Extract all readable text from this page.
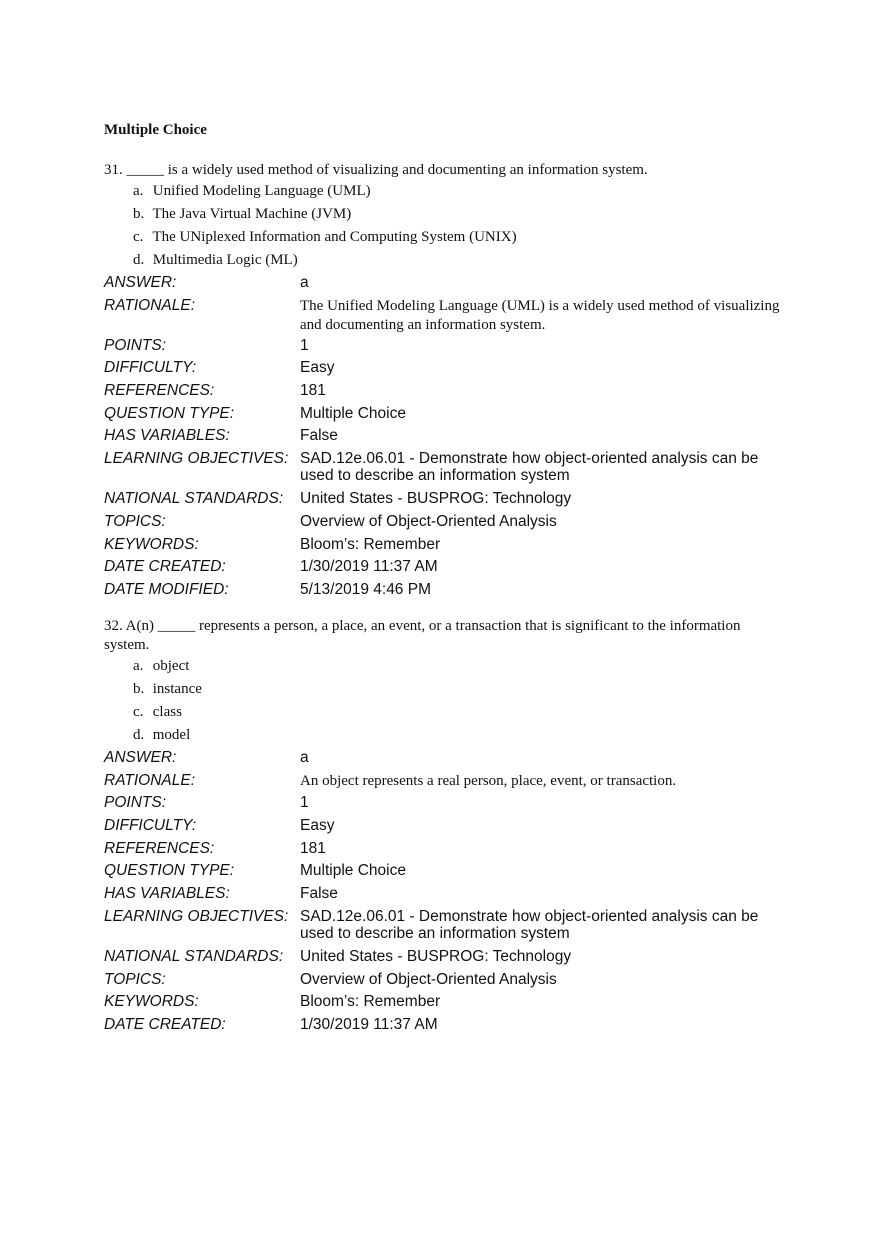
Multiple Choice

31. _____ is a widely used method of visualizing and documenting an information system.

a. Unified Modeling Language (UML)
b. The Java Virtual Machine (JVM)
c. The UNiplexed Information and Computing System (UNIX)
d. Multimedia Logic (ML)
ANSWER:	a
RATIONALE:	The Unified Modeling Language (UML) is a widely used method of visualizing and documenting an information system.
POINTS:	1
DIFFICULTY:	Easy
REFERENCES:	181
QUESTION TYPE:	Multiple Choice
HAS VARIABLES:	False
LEARNING OBJECTIVES: SAD.12e.06.01 - Demonstrate how object-oriented analysis can be used to describe an information system
NATIONAL STANDARDS:	United States - BUSPROG: Technology
TOPICS:	Overview of Object-Oriented Analysis
KEYWORDS:	Bloom’s: Remember
DATE CREATED:	1/30/2019 11:37 AM
DATE MODIFIED:	5/13/2019 4:46 PM

32. A(n) _____ represents a person, a place, an event, or a transaction that is significant to the information system.

a. object
b. instance
c. class
d. model
ANSWER:	a
RATIONALE:	An object represents a real person, place, event, or transaction.
POINTS:	1
DIFFICULTY:	Easy
REFERENCES:	181
QUESTION TYPE:	Multiple Choice
HAS VARIABLES:	False
LEARNING OBJECTIVES: SAD.12e.06.01 - Demonstrate how object-oriented analysis can be used to describe an information system
NATIONAL STANDARDS:	United States - BUSPROG: Technology
TOPICS:	Overview of Object-Oriented Analysis
KEYWORDS:	Bloom’s: Remember
DATE CREATED:	1/30/2019 11:37 AM
